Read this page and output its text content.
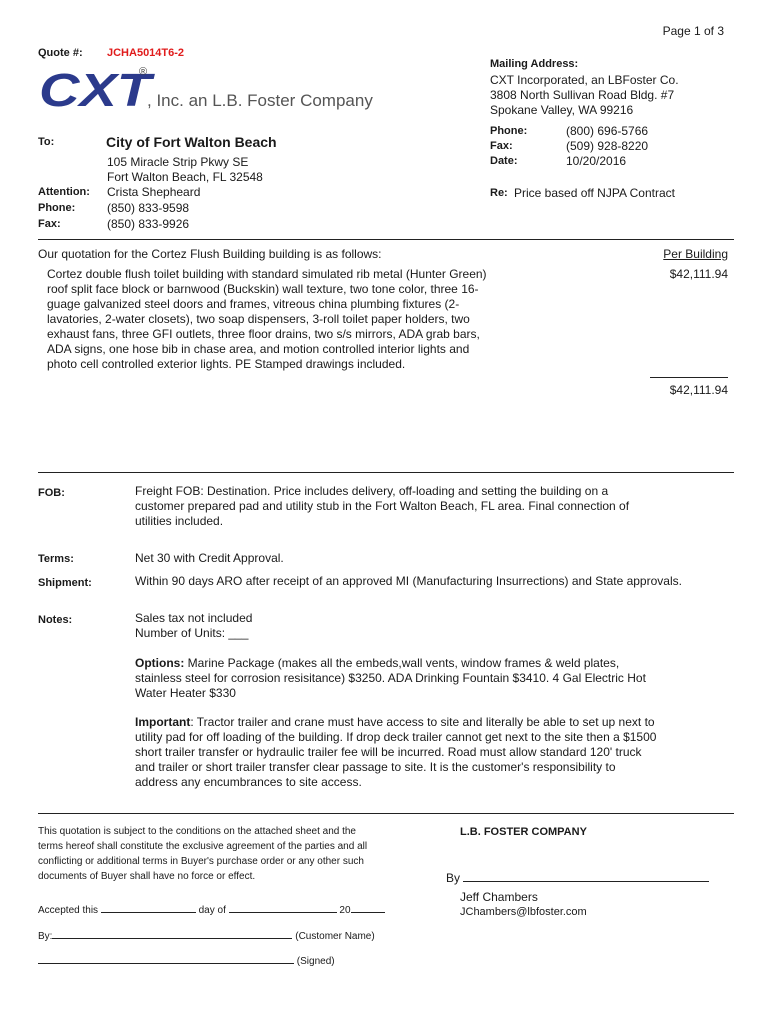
Page 1 of 3
Quote #: JCHA5014T6-2
CXT
®
, Inc. an L.B. Foster Company
Mailing Address:
CXT Incorporated, an LBFoster Co.
3808 North Sullivan Road Bldg. #7
Spokane Valley, WA 99216
Phone:	(800) 696-5766
Fax:	(509) 928-8220
Date:	10/20/2016
Re: Price based off NJPA Contract
To:	City of Fort Walton Beach
105 Miracle Strip Pkwy SE
Fort Walton Beach, FL 32548
Attention: Crista Shepheard
Phone:	(850) 833-9598
Fax:	(850) 833-9926
Our quotation for the Cortez Flush Building building is as follows:	Per Building
Cortez double flush toilet building with standard simulated rib metal (Hunter Green) roof split face block or barnwood (Buckskin) wall texture, two tone color, three 16-guage galvanized steel doors and frames, vitreous china plumbing fixtures (2-lavatories, 2-water closets), two soap dispensers, 3-roll toilet paper holders, two exhaust fans, three GFI outlets, three floor drains, two s/s mirrors, ADA grab bars, ADA signs, one hose bib in chase area, and motion controlled interior lights and photo cell controlled exterior lights. PE Stamped drawings included.
$42,111.94
$42,111.94
FOB:	Freight FOB: Destination. Price includes delivery, off-loading and setting the building on a customer prepared pad and utility stub in the Fort Walton Beach, FL area. Final connection of utilities included.
Terms:	Net 30 with Credit Approval.
Shipment:	Within 90 days ARO after receipt of an approved MI (Manufacturing Insurrections) and State approvals.
Notes:	Sales tax not included
Number of Units: ___
Options: Marine Package (makes all the embeds,wall vents, window frames & weld plates, stainless steel for corrosion resisitance) $3250. ADA Drinking Fountain $3410. 4 Gal Electric Hot Water Heater $330
Important: Tractor trailer and crane must have access to site and literally be able to set up next to utility pad for off loading of the building. If drop deck trailer cannot get next to the site then a $1500 short trailer transfer or hydraulic trailer fee will be incurred. Road must allow standard 120' truck and trailer or short trailer transfer clear passage to site. It is the customer's responsibility to address any encumbrances to site access.
This quotation is subject to the conditions on the attached sheet and the terms hereof shall constitute the exclusive agreement of the parties and all conflicting or additional terms in Buyer's purchase order or any other such documents of Buyer shall have no force or effect.
Accepted this	day of	20
By:	(Customer Name)
(Signed)
L.B. FOSTER COMPANY
By
Jeff Chambers
JChambers@lbfoster.com
